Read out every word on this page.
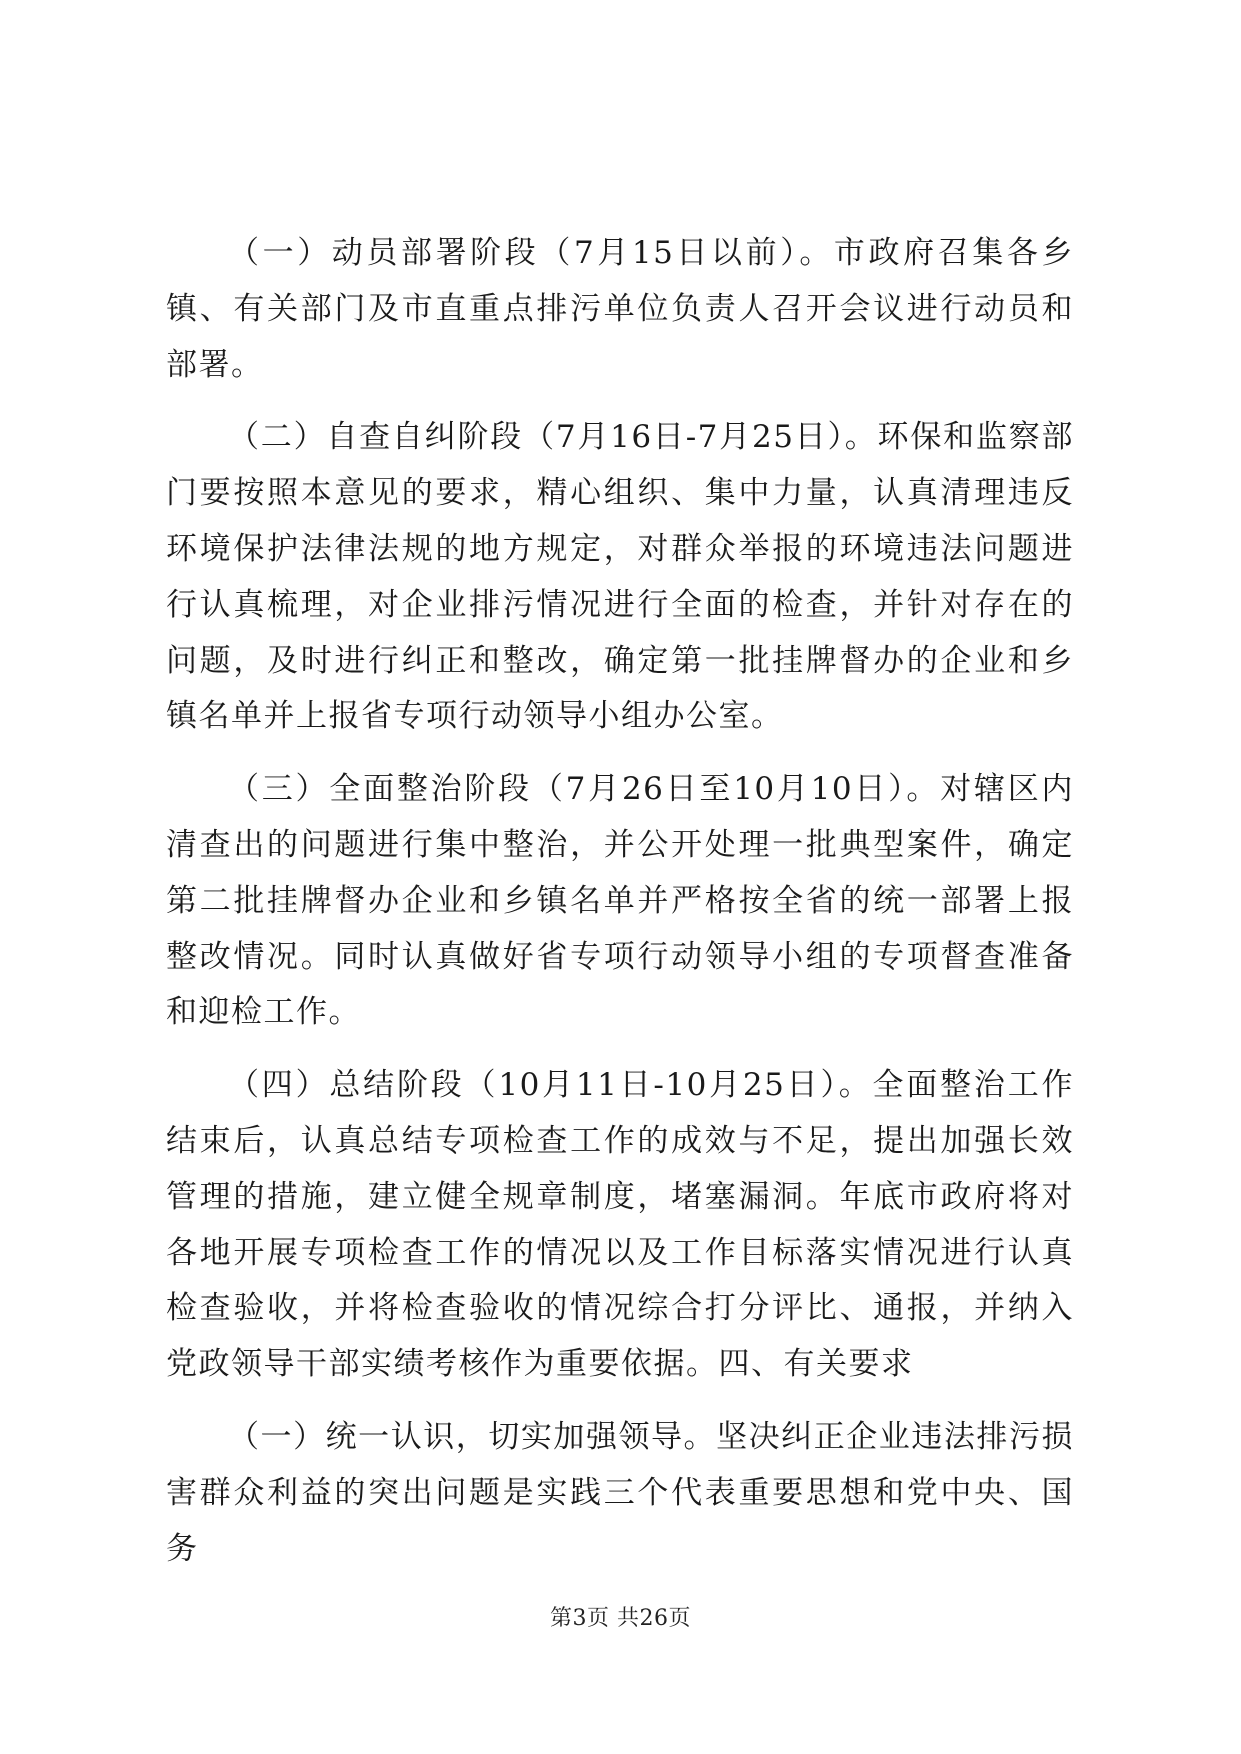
（一）动员部署阶段（7月15日以前）。市政府召集各乡镇、有关部门及市直重点排污单位负责人召开会议进行动员和部署。

（二）自查自纠阶段（7月16日-7月25日）。环保和监察部门要按照本意见的要求，精心组织、集中力量，认真清理违反环境保护法律法规的地方规定，对群众举报的环境违法问题进行认真梳理，对企业排污情况进行全面的检查，并针对存在的问题，及时进行纠正和整改，确定第一批挂牌督办的企业和乡镇名单并上报省专项行动领导小组办公室。

（三）全面整治阶段（7月26日至10月10日）。对辖区内清查出的问题进行集中整治，并公开处理一批典型案件，确定第二批挂牌督办企业和乡镇名单并严格按全省的统一部署上报整改情况。同时认真做好省专项行动领导小组的专项督查准备和迎检工作。

（四）总结阶段（10月11日-10月25日）。全面整治工作结束后，认真总结专项检查工作的成效与不足，提出加强长效管理的措施，建立健全规章制度，堵塞漏洞。年底市政府将对各地开展专项检查工作的情况以及工作目标落实情况进行认真检查验收，并将检查验收的情况综合打分评比、通报，并纳入党政领导干部实绩考核作为重要依据。四、有关要求

（一）统一认识，切实加强领导。坚决纠正企业违法排污损害群众利益的突出问题是实践三个代表重要思想和党中央、国务

第3页 共26页
